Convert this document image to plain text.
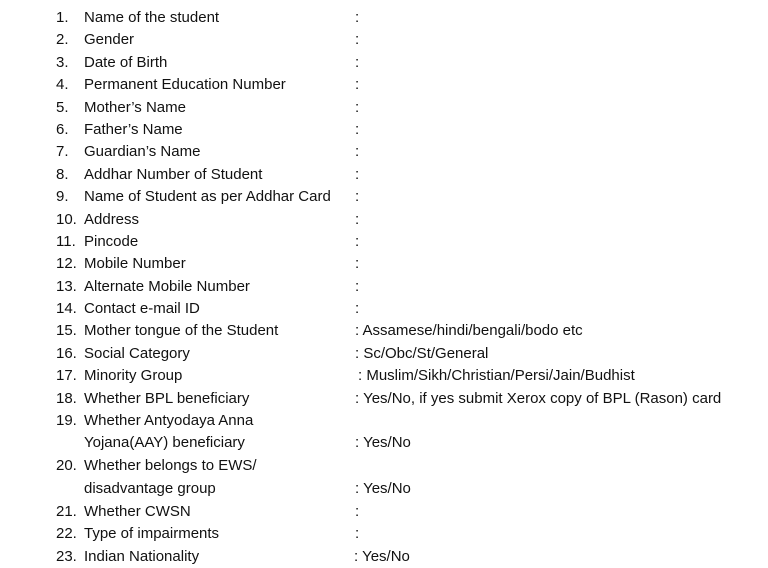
1. Name of the student	:
2. Gender	:
3. Date of Birth	:
4. Permanent Education Number	:
5. Mother’s Name	:
6. Father’s Name	:
7. Guardian’s Name	:
8. Addhar Number of Student	:
9. Name of Student as per Addhar Card :
10. Address	:
11. Pincode	:
12. Mobile Number	:
13. Alternate Mobile Number	:
14. Contact e-mail ID	:
15. Mother tongue of the Student	: Assamese/hindi/bengali/bodo etc
16. Social Category	: Sc/Obc/St/General
17. Minority Group	: Muslim/Sikh/Christian/Persi/Jain/Budhist
18. Whether BPL beneficiary	: Yes/No, if yes submit Xerox copy of BPL (Rason) card
19. Whether Antyodaya Anna
Yojana(AAY) beneficiary	: Yes/No
20. Whether belongs to EWS/
disadvantage group	: Yes/No
21. Whether CWSN	:
22. Type of impairments	:
23. Indian Nationality	: Yes/No
